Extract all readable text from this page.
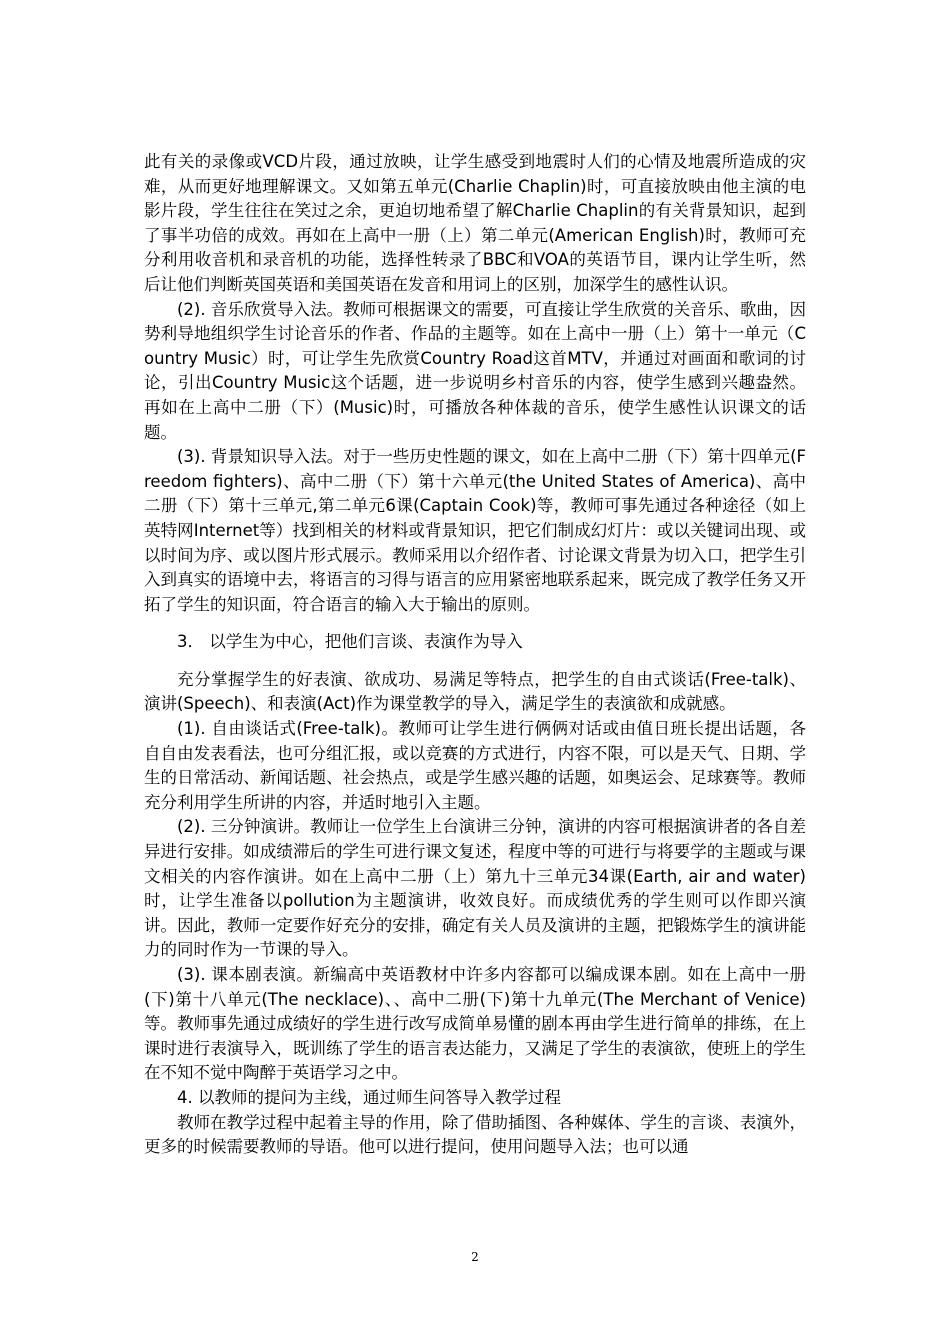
此有关的录像或VCD片段，通过放映，让学生感受到地震时人们的心情及地震所造成的灾难，从而更好地理解课文。又如第五单元(Charlie Chaplin)时，可直接放映由他主演的电影片段，学生往往在笑过之余，更迫切地希望了解Charlie Chaplin的有关背景知识，起到了事半功倍的成效。再如在上高中一册（上）第二单元(American English)时，教师可充分利用收音机和录音机的功能，选择性转录了BBC和VOA的英语节目，课内让学生听，然后让他们判断英国英语和美国英语在发音和用词上的区别，加深学生的感性认识。

(2). 音乐欣赏导入法。教师可根据课文的需要，可直接让学生欣赏的关音乐、歌曲，因势利导地组织学生讨论音乐的作者、作品的主题等。如在上高中一册（上）第十一单元（Country Music）时，可让学生先欣赏Country Road这首MTV，并通过对画面和歌词的讨论，引出Country Music这个话题，进一步说明乡村音乐的内容，使学生感到兴趣盎然。再如在上高中二册（下）(Music)时，可播放各种体裁的音乐，使学生感性认识课文的话题。

(3). 背景知识导入法。对于一些历史性题的课文，如在上高中二册（下）第十四单元(Freedom fighters)、高中二册（下）第十六单元(the United States of America)、高中二册（下）第十三单元,第二单元6课(Captain Cook)等，教师可事先通过各种途径（如上英特网Internet等）找到相关的材料或背景知识，把它们制成幻灯片：或以关键词出现、或以时间为序、或以图片形式展示。教师采用以介绍作者、讨论课文背景为切入口，把学生引入到真实的语境中去，将语言的习得与语言的应用紧密地联系起来，既完成了教学任务又开拓了学生的知识面，符合语言的输入大于输出的原则。

3． 以学生为中心，把他们言谈、表演作为导入

充分掌握学生的好表演、欲成功、易满足等特点，把学生的自由式谈话(Free-talk)、演讲(Speech)、和表演(Act)作为课堂教学的导入，满足学生的表演欲和成就感。

(1). 自由谈话式(Free-talk)。教师可让学生进行俩俩对话或由值日班长提出话题，各自自由发表看法，也可分组汇报，或以竞赛的方式进行，内容不限，可以是天气、日期、学生的日常活动、新闻话题、社会热点，或是学生感兴趣的话题，如奥运会、足球赛等。教师充分利用学生所讲的内容，并适时地引入主题。

(2). 三分钟演讲。教师让一位学生上台演讲三分钟，演讲的内容可根据演讲者的各自差异进行安排。如成绩滞后的学生可进行课文复述，程度中等的可进行与将要学的主题或与课文相关的内容作演讲。如在上高中二册（上）第九十三单元34课(Earth, air and water)时，让学生准备以pollution为主题演讲，收效良好。而成绩优秀的学生则可以作即兴演讲。因此，教师一定要作好充分的安排，确定有关人员及演讲的主题，把锻炼学生的演讲能力的同时作为一节课的导入。

(3). 课本剧表演。新编高中英语教材中许多内容都可以编成课本剧。如在上高中一册(下)第十八单元(The necklace)、、高中二册(下)第十九单元(The Merchant of Venice)等。教师事先通过成绩好的学生进行改写成简单易懂的剧本再由学生进行简单的排练，在上课时进行表演导入，既训练了学生的语言表达能力，又满足了学生的表演欲，使班上的学生在不知不觉中陶醉于英语学习之中。

4. 以教师的提问为主线，通过师生问答导入教学过程

教师在教学过程中起着主导的作用，除了借助插图、各种媒体、学生的言谈、表演外，更多的时候需要教师的导语。他可以进行提问，使用问题导入法；也可以通

2
